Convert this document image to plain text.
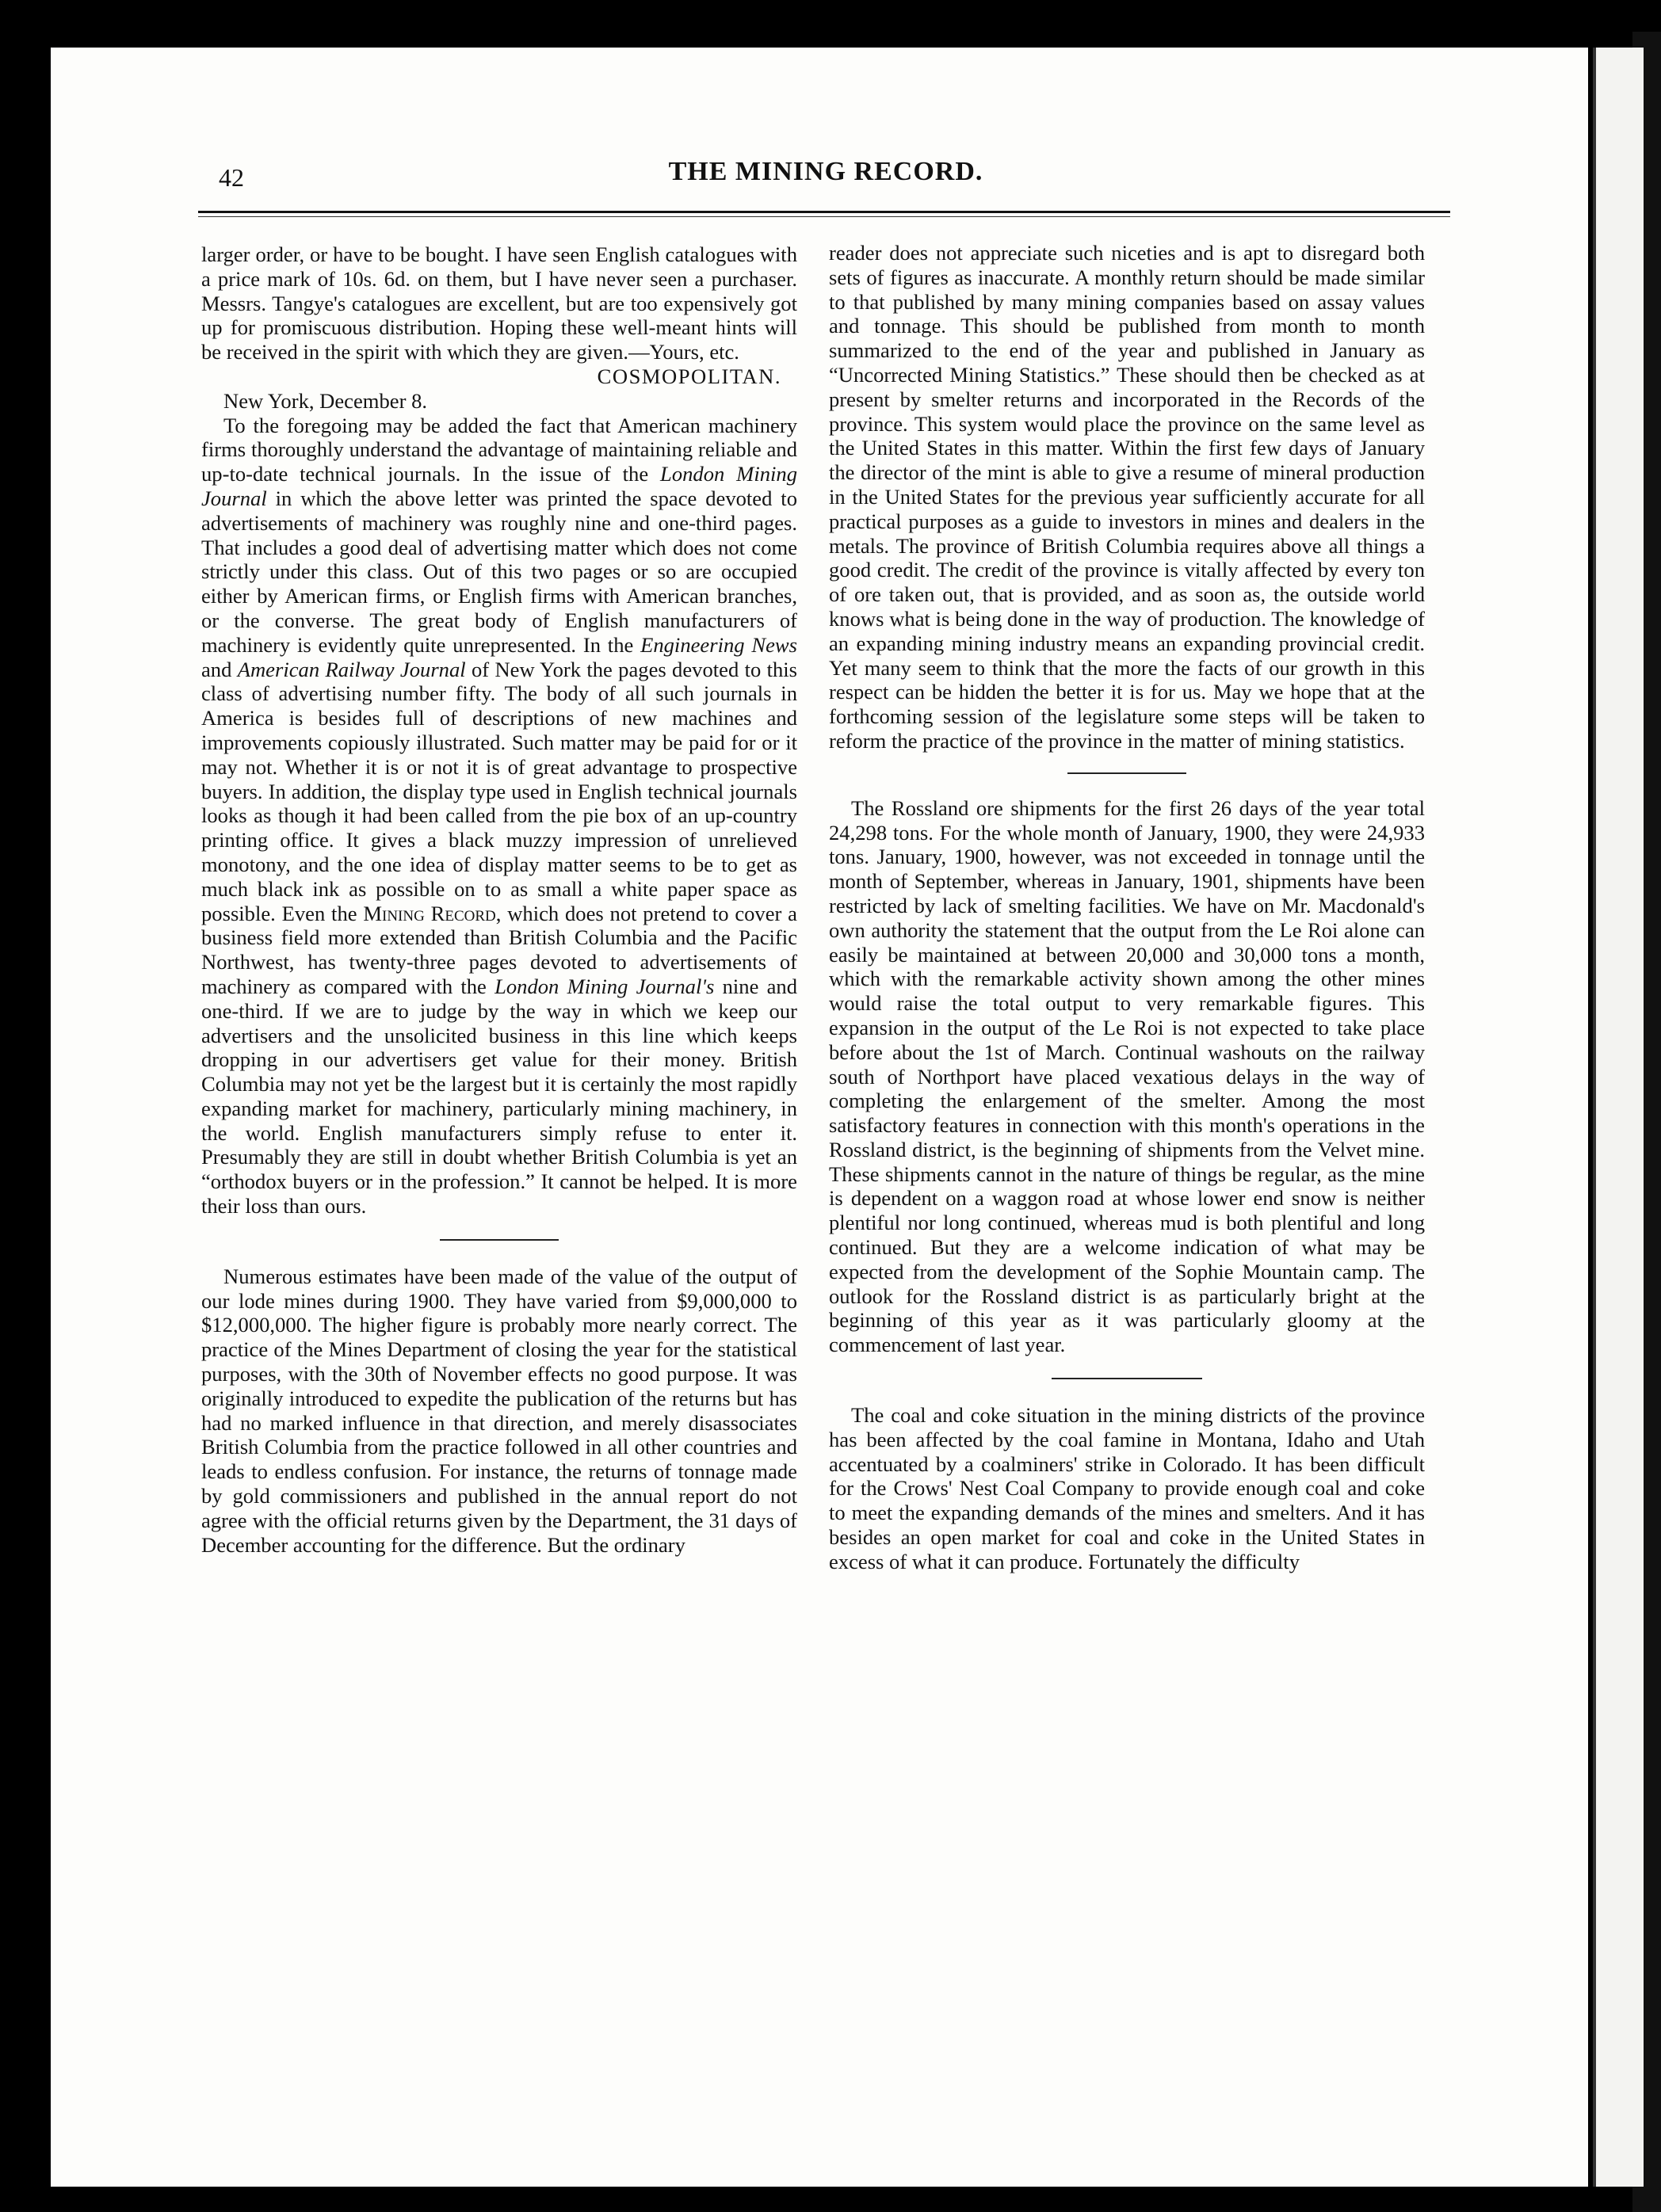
42	THE MINING RECORD.

larger order, or have to be bought. I have seen English catalogues with a price mark of 10s. 6d. on them, but I have never seen a purchaser. Messrs. Tangye's catalogues are excellent, but are too expensively got up for promiscuous distribution. Hoping these well-meant hints will be received in the spirit with which they are given.—Yours, etc.

COSMOPOLITAN.

New York, December 8.

To the foregoing may be added the fact that American machinery firms thoroughly understand the advantage of maintaining reliable and up-to-date technical journals. In the issue of the London Mining Journal in which the above letter was printed the space devoted to advertisements of machinery was roughly nine and one-third pages. That includes a good deal of advertising matter which does not come strictly under this class. Out of this two pages or so are occupied either by American firms, or English firms with American branches, or the converse. The great body of English manufacturers of machinery is evidently quite unrepresented. In the Engineering News and American Railway Journal of New York the pages devoted to this class of advertising number fifty. The body of all such journals in America is besides full of descriptions of new machines and improvements copiously illustrated. Such matter may be paid for or it may not. Whether it is or not it is of great advantage to prospective buyers. In addition, the display type used in English technical journals looks as though it had been called from the pie box of an up-country printing office. It gives a black muzzy impression of unrelieved monotony, and the one idea of display matter seems to be to get as much black ink as possible on to as small a white paper space as possible. Even the Mining Record, which does not pretend to cover a business field more extended than British Columbia and the Pacific Northwest, has twenty-three pages devoted to advertisements of machinery as compared with the London Mining Journal's nine and one-third. If we are to judge by the way in which we keep our advertisers and the unsolicited business in this line which keeps dropping in our advertisers get value for their money. British Columbia may not yet be the largest but it is certainly the most rapidly expanding market for machinery, particularly mining machinery, in the world. English manufacturers simply refuse to enter it. Presumably they are still in doubt whether British Columbia is yet an “orthodox buyers or in the profession.” It cannot be helped. It is more their loss than ours.

Numerous estimates have been made of the value of the output of our lode mines during 1900. They have varied from $9,000,000 to $12,000,000. The higher figure is probably more nearly correct. The practice of the Mines Department of closing the year for the statistical purposes, with the 30th of November effects no good purpose. It was originally introduced to expedite the publication of the returns but has had no marked influence in that direction, and merely disassociates British Columbia from the practice followed in all other countries and leads to endless confusion. For instance, the returns of tonnage made by gold commissioners and published in the annual report do not agree with the official returns given by the Department, the 31 days of December accounting for the difference. But the ordinary

reader does not appreciate such niceties and is apt to disregard both sets of figures as inaccurate. A monthly return should be made similar to that published by many mining companies based on assay values and tonnage. This should be published from month to month summarized to the end of the year and published in January as “Uncorrected Mining Statistics.” These should then be checked as at present by smelter returns and incorporated in the Records of the province. This system would place the province on the same level as the United States in this matter. Within the first few days of January the director of the mint is able to give a resume of mineral production in the United States for the previous year sufficiently accurate for all practical purposes as a guide to investors in mines and dealers in the metals. The province of British Columbia requires above all things a good credit. The credit of the province is vitally affected by every ton of ore taken out, that is provided, and as soon as, the outside world knows what is being done in the way of production. The knowledge of an expanding mining industry means an expanding provincial credit. Yet many seem to think that the more the facts of our growth in this respect can be hidden the better it is for us. May we hope that at the forthcoming session of the legislature some steps will be taken to reform the practice of the province in the matter of mining statistics.

The Rossland ore shipments for the first 26 days of the year total 24,298 tons. For the whole month of January, 1900, they were 24,933 tons. January, 1900, however, was not exceeded in tonnage until the month of September, whereas in January, 1901, shipments have been restricted by lack of smelting facilities. We have on Mr. Macdonald's own authority the statement that the output from the Le Roi alone can easily be maintained at between 20,000 and 30,000 tons a month, which with the remarkable activity shown among the other mines would raise the total output to very remarkable figures. This expansion in the output of the Le Roi is not expected to take place before about the 1st of March. Continual washouts on the railway south of Northport have placed vexatious delays in the way of completing the enlargement of the smelter. Among the most satisfactory features in connection with this month's operations in the Rossland district, is the beginning of shipments from the Velvet mine. These shipments cannot in the nature of things be regular, as the mine is dependent on a waggon road at whose lower end snow is neither plentiful nor long continued, whereas mud is both plentiful and long continued. But they are a welcome indication of what may be expected from the development of the Sophie Mountain camp. The outlook for the Rossland district is as particularly bright at the beginning of this year as it was particularly gloomy at the commencement of last year.

The coal and coke situation in the mining districts of the province has been affected by the coal famine in Montana, Idaho and Utah accentuated by a coalminers' strike in Colorado. It has been difficult for the Crows' Nest Coal Company to provide enough coal and coke to meet the expanding demands of the mines and smelters. And it has besides an open market for coal and coke in the United States in excess of what it can produce. Fortunately the difficulty
